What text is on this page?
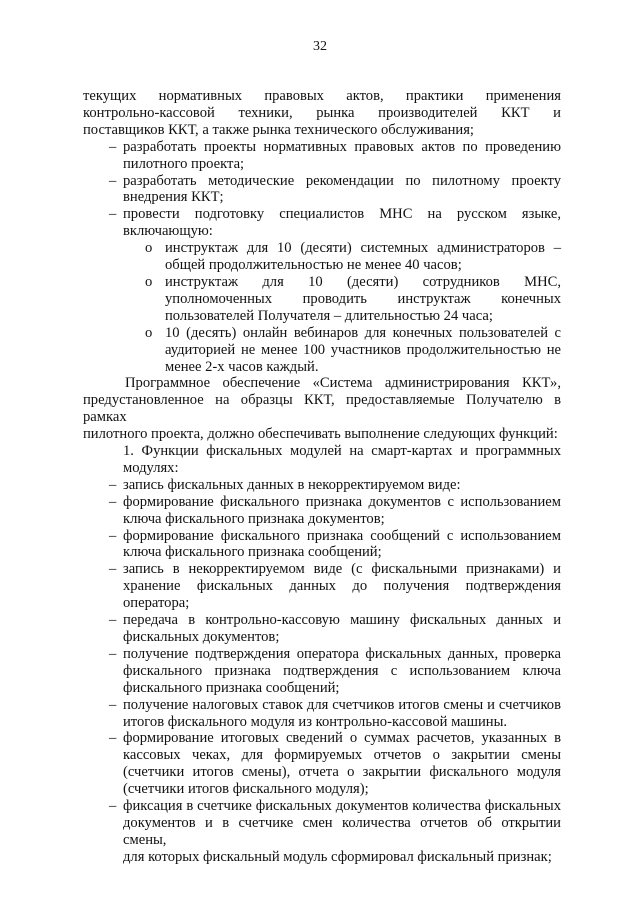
32
текущих нормативных правовых актов, практики применения
контрольно-кассовой техники, рынка производителей ККТ и
поставщиков ККТ, а также рынка технического обслуживания;
– разработать проекты нормативных правовых актов по проведению
пилотного проекта;
– разработать методические рекомендации по пилотному проекту
внедрения ККТ;
– провести подготовку специалистов МНС на русском языке,
включающую:
o инструктаж для 10 (десяти) системных администраторов –
общей продолжительностью не менее 40 часов;
o инструктаж для 10 (десяти) сотрудников МНС,
уполномоченных проводить инструктаж конечных
пользователей Получателя – длительностью 24 часа;
o 10 (десять) онлайн вебинаров для конечных пользователей с
аудиторией не менее 100 участников продолжительностью не
менее 2-х часов каждый.
Программное обеспечение «Система администрирования ККТ»,
предустановленное на образцы ККТ, предоставляемые Получателю в рамках
пилотного проекта, должно обеспечивать выполнение следующих функций:
1. Функции фискальных модулей на смарт-картах и программных
модулях:
– запись фискальных данных в некорректируемом виде:
– формирование фискального признака документов с использованием
ключа фискального признака документов;
– формирование фискального признака сообщений с использованием
ключа фискального признака сообщений;
– запись в некорректируемом виде (с фискальными признаками) и
хранение фискальных данных до получения подтверждения
оператора;
– передача в контрольно-кассовую машину фискальных данных и
фискальных документов;
– получение подтверждения оператора фискальных данных, проверка
фискального признака подтверждения с использованием ключа
фискального признака сообщений;
– получение налоговых ставок для счетчиков итогов смены и счетчиков
итогов фискального модуля из контрольно-кассовой машины.
– формирование итоговых сведений о суммах расчетов, указанных в
кассовых чеках, для формируемых отчетов о закрытии смены
(счетчики итогов смены), отчета о закрытии фискального модуля
(счетчики итогов фискального модуля);
– фиксация в счетчике фискальных документов количества фискальных
документов и в счетчике смен количества отчетов об открытии смены,
для которых фискальный модуль сформировал фискальный признак;
